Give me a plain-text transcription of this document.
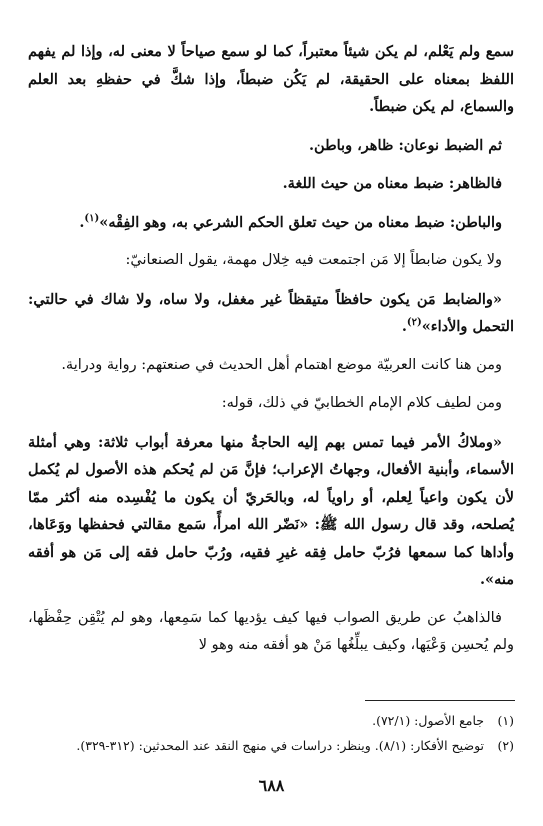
سمع ولم يَعْلم، لم يكن شيئاً معتبراً، كما لو سمع صياحاً لا معنى له، وإذا لم يفهم اللفظ بمعناه على الحقيقة، لم يَكُن ضبطاً، وإذا شكَّ في حفظهِ بعد العلم والسماع، لم يكن ضبطاً.

ثم الضبط نوعان: ظاهر، وباطن.

فالظاهر: ضبط معناه من حيث اللغة.

والباطن: ضبط معناه من حيث تعلق الحكم الشرعي به، وهو الفِقْه»$^{(١)}$.

ولا يكون ضابطاً إلا مَن اجتمعت فيه خِلال مهمة، يقول الصنعانيّ:

«والضابط مَن يكون حافظاً متيقظاً غير مغفل، ولا ساه، ولا شاك في حالتي: التحمل والأداء»$^{(٢)}$.

ومن هنا كانت العربيّة موضع اهتمام أهل الحديث في صنعتهم: رواية ودراية.

ومن لطيف كلام الإمام الخطابيّ في ذلك، قوله:

«وملاكُ الأمر فيما تمس بهم إليه الحاجةُ منها معرفة أبواب ثلاثة: وهي أمثلة الأسماء، وأبنية الأفعال، وجهاتُ الإعراب؛ فإنَّ مَن لم يُحكم هذه الأصول لم يُكمل لأن يكون واعياً لِعلم، أو راوياً له، وبالحَريّ أن يكون ما يُفْسِده منه أكثر ممّا يُصلحه، وقد قال رسول الله ﷺ: «نَضّر الله امرأً، سَمع مقالتي فحفظها ووَعَاها، وأداها كما سمعها فرُبّ حامل فِقه غيرِ فقيه، ورُبّ حامل فقه إلى مَن هو أفقه منه».

فالذاهبُ عن طريق الصواب فيها كيف يؤديها كما سَمِعها، وهو لم يُتْقِن حِفْظَها، ولم يُحسِن وَعْيَها، وكيف يبلِّغُها مَنْ هو أفقه منه وهو لا

(١) جامع الأصول: (٧٢/١).
(٢) توضيح الأفكار: (٨/١). وينظر: دراسات في منهج النقد عند المحدثين: (٣١٢-٣٢٩).
٦٨٨
